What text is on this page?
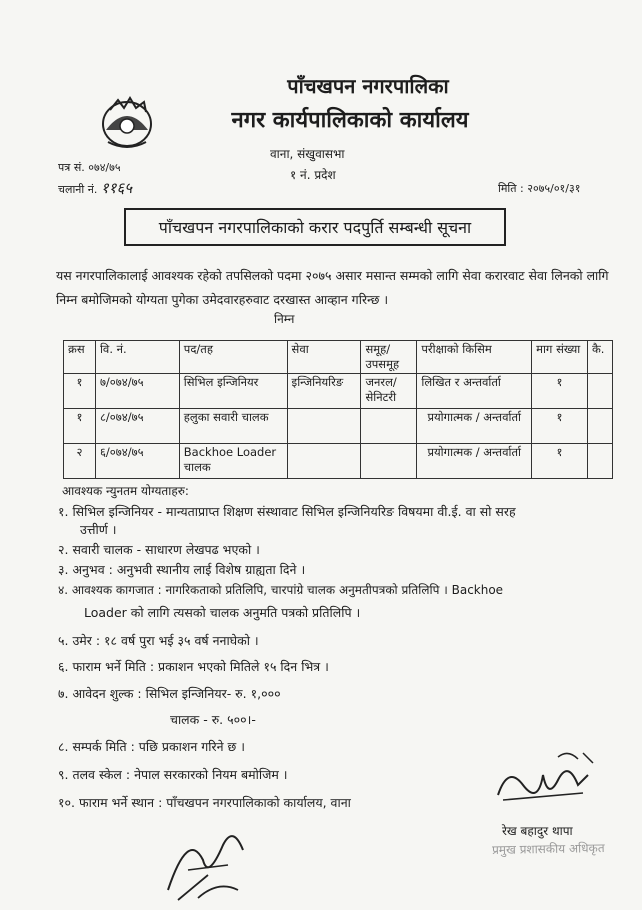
पाँचखपन नगरपालिका
नगर कार्यपालिकाको कार्यालय
वाना, संखुवासभा
१ नं. प्रदेश
पत्र सं. ०७४/७५
चलानी नं. ११६५	मिति : २०७५/०१/३१
पाँचखपन नगरपालिकाको करार पदपुर्ति सम्बन्धी सूचना
यस नगरपालिकालाई आवश्यक रहेको तपसिलको पदमा २०७५ असार मसान्त सम्मको लागि सेवा करारवाट सेवा लिनको लागि निम्न बमोजिमको योग्यता पुगेका उमेदवारहरुवाट दरखास्त आव्हान गरिन्छ ।
निम्न
क्रस	वि. नं.	पद/तह	सेवा	समूह/ उपसमूह	परीक्षाको किसिम	माग संख्या	कै.
१	७/०७४/७५	सिभिल इन्जिनियर	इन्जिनियरिङ	जनरल/ सेनिटरी	लिखित र अन्तर्वार्ता	१	
१	८/०७४/७५	हलुका सवारी चालक			प्रयोगात्मक / अन्तर्वार्ता	१	
२	६/०७४/७५	Backhoe Loader चालक			प्रयोगात्मक / अन्तर्वार्ता	१	
आवश्यक न्युनतम योग्यताहरु:
१. सिभिल इन्जिनियर - मान्यताप्राप्त शिक्षण संस्थावाट सिभिल इन्जिनियरिङ विषयमा वी.ई. वा सो सरह
उत्तीर्ण ।
२. सवारी चालक - साधारण लेखपढ भएको ।
३. अनुभव : अनुभवी स्थानीय लाई विशेष ग्राह्यता दिने ।
४. आवश्यक कागजात : नागरिकताको प्रतिलिपि, चारपांग्रे चालक अनुमतीपत्रको प्रतिलिपि । Backhoe
Loader को लागि त्यसको चालक अनुमति पत्रको प्रतिलिपि ।
५. उमेर : १८ वर्ष पुरा भई ३५ वर्ष ननाघेको ।
६. फाराम भर्ने मिति : प्रकाशन भएको मितिले १५ दिन भित्र ।
७. आवेदन शुल्क : सिभिल इन्जिनियर- रु. १,०००
चालक - रु. ५००।-
८. सम्पर्क मिति : पछि प्रकाशन गरिने छ ।
९. तलव स्केल : नेपाल सरकारको नियम बमोजिम ।
१०. फाराम भर्ने स्थान : पाँचखपन नगरपालिकाको कार्यालय, वाना
रेख बहादुर थापा
प्रमुख प्रशासकीय अधिकृत
